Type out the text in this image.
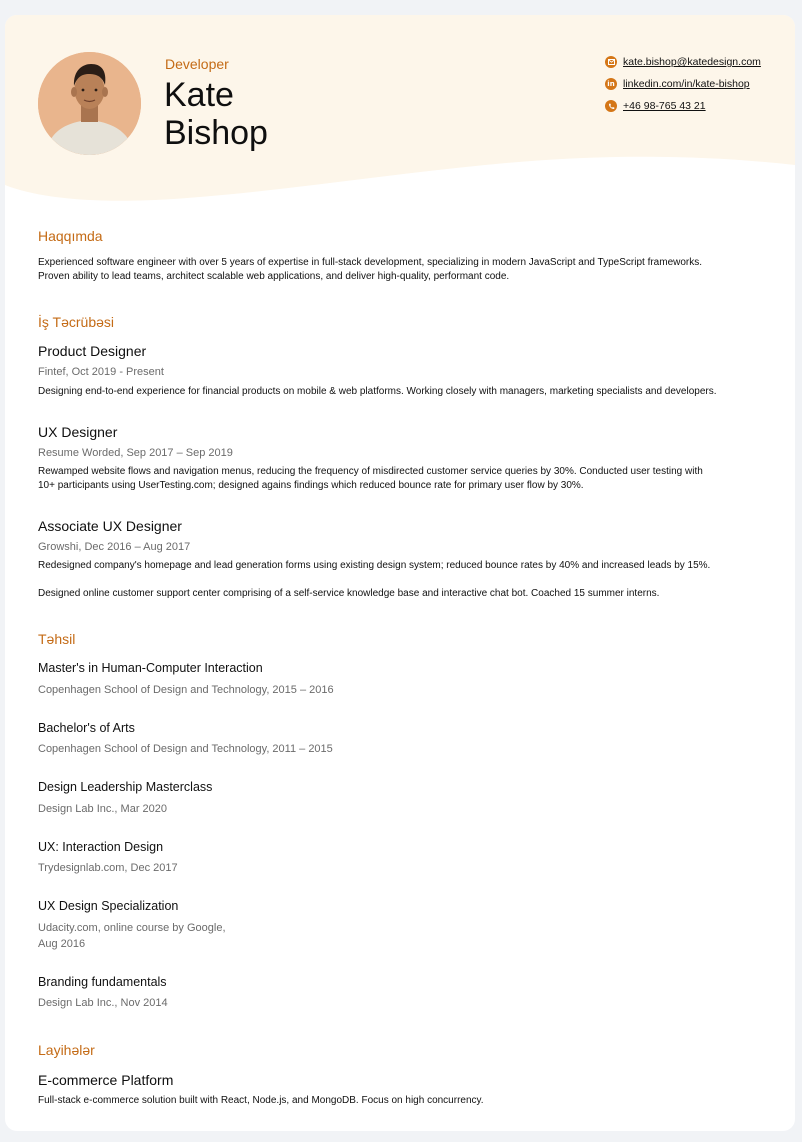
Developer
Kate
Bishop
kate.bishop@katedesign.com
in linkedin.com/in/kate-bishop
+46 98-765 43 21
Haqqımda
Experienced software engineer with over 5 years of expertise in full-stack development, specializing in modern JavaScript and TypeScript frameworks.
Proven ability to lead teams, architect scalable web applications, and deliver high-quality, performant code.
İş Təcrübəsi
Product Designer
Fintef, Oct 2019 - Present
Designing end-to-end experience for financial products on mobile & web platforms. Working closely with managers, marketing specialists and developers.
UX Designer
Resume Worded, Sep 2017 – Sep 2019
Rewamped website flows and navigation menus, reducing the frequency of misdirected customer service queries by 30%. Conducted user testing with
10+ participants using UserTesting.com; designed agains findings which reduced bounce rate for primary user flow by 30%.
Associate UX Designer
Growshi, Dec 2016 – Aug 2017
Redesigned company's homepage and lead generation forms using existing design system; reduced bounce rates by 40% and increased leads by 15%.
Designed online customer support center comprising of a self-service knowledge base and interactive chat bot. Coached 15 summer interns.
Təhsil
Master's in Human-Computer Interaction
Copenhagen School of Design and Technology, 2015 – 2016
Bachelor's of Arts
Copenhagen School of Design and Technology, 2011 – 2015
Design Leadership Masterclass
Design Lab Inc., Mar 2020
UX: Interaction Design
Trydesignlab.com, Dec 2017
UX Design Specialization
Udacity.com, online course by Google,
Aug 2016
Branding fundamentals
Design Lab Inc., Nov 2014
Layihələr
E-commerce Platform
Full-stack e-commerce solution built with React, Node.js, and MongoDB. Focus on high concurrency.
